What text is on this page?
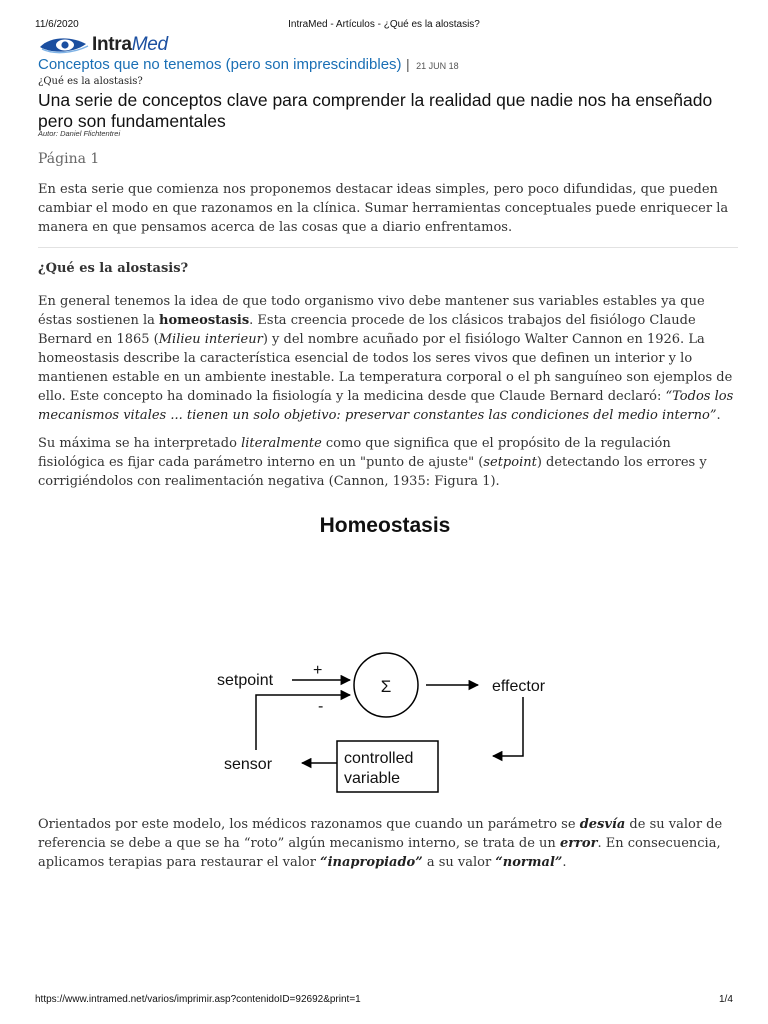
11/6/2020	IntraMed - Artículos - ¿Qué es la alostasis?
Intra Med
Conceptos que no tenemos (pero son imprescindibles) | 21 JUN 18
¿Qué es la alostasis?
Una serie de conceptos clave para comprender la realidad que nadie nos ha enseñado pero son fundamentales
Autor: Daniel Flichtentrei
Página 1
En esta serie que comienza nos proponemos destacar ideas simples, pero poco difundidas, que pueden cambiar el modo en que razonamos en la clínica. Sumar herramientas conceptuales puede enriquecer la manera en que pensamos acerca de las cosas que a diario enfrentamos.
¿Qué es la alostasis?
En general tenemos la idea de que todo organismo vivo debe mantener sus variables estables ya que éstas sostienen la homeostasis. Esta creencia procede de los clásicos trabajos del fisiólogo Claude Bernard en 1865 (Milieu interieur) y del nombre acuñado por el fisiólogo Walter Cannon en 1926. La homeostasis describe la característica esencial de todos los seres vivos que definen un interior y lo mantienen estable en un ambiente inestable. La temperatura corporal o el ph sanguíneo son ejemplos de ello. Este concepto ha dominado la fisiología y la medicina desde que Claude Bernard declaró: “Todos los mecanismos vitales ... tienen un solo objetivo: preservar constantes las condiciones del medio interno”.
Su máxima se ha interpretado literalmente como que significa que el propósito de la regulación fisiológica es fijar cada parámetro interno en un "punto de ajuste" (setpoint) detectando los errores y corrigiéndolos con realimentación negativa (Cannon, 1935: Figura 1).
Homeostasis
setpoint
+
Σ	effector
controlled
variable
sensor
-
Orientados por este modelo, los médicos razonamos que cuando un parámetro se desvía de su valor de referencia se debe a que se ha “roto” algún mecanismo interno, se trata de un error. En consecuencia, aplicamos terapias para restaurar el valor “inapropiado” a su valor “normal”.
https://www.intramed.net/varios/imprimir.asp?contenidoID=92692&print=1	1/4
